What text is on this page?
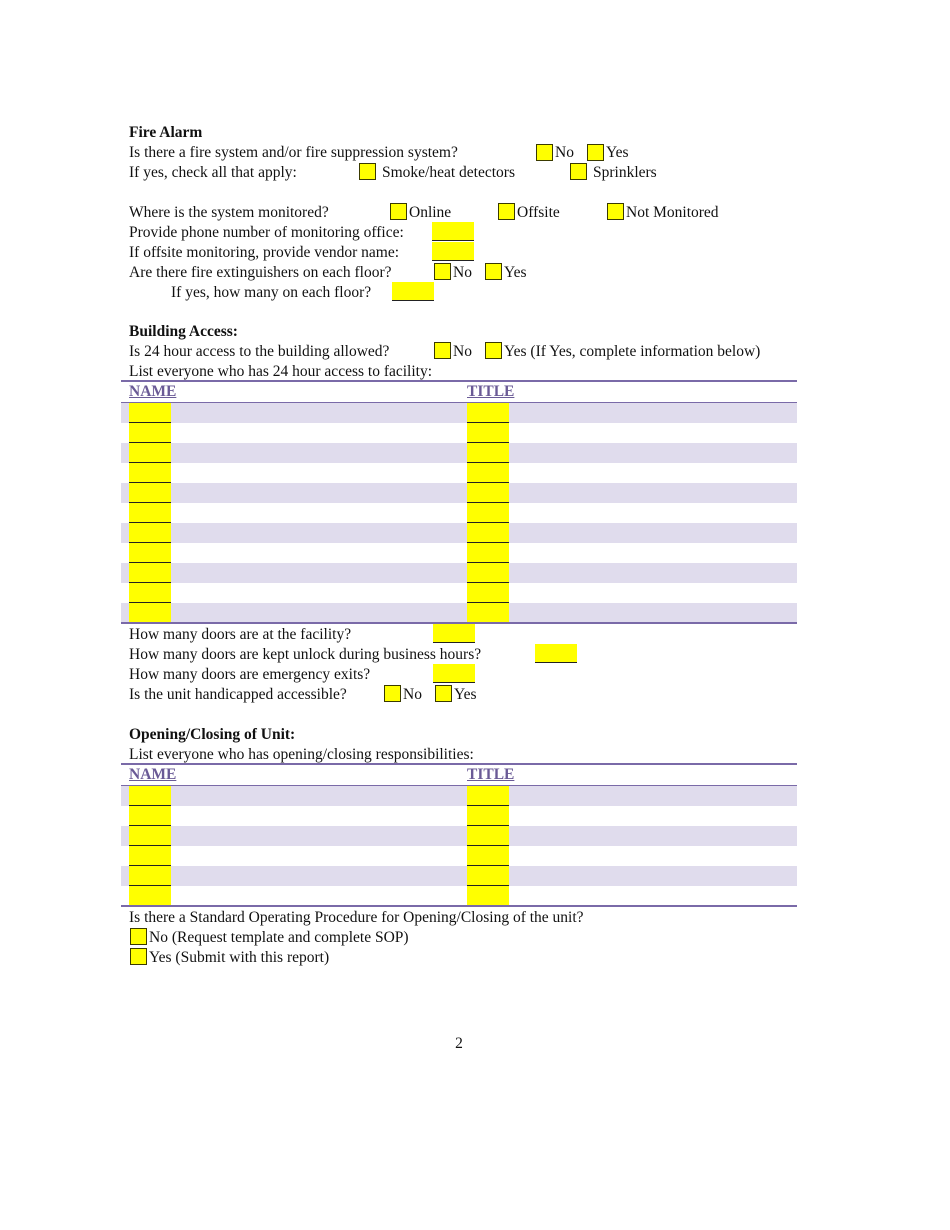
Fire Alarm
Is there a fire system and/or fire suppression system?	No Yes
If yes, check all that apply:	Smoke/heat detectors	Sprinklers
Where is the system monitored?	Online	Offsite	Not Monitored
Provide phone number of monitoring office:
If offsite monitoring, provide vendor name:
Are there fire extinguishers on each floor?	No Yes
If yes, how many on each floor?
Building Access:
Is 24 hour access to the building allowed?	No Yes (If Yes, complete information below)
List everyone who has 24 hour access to facility:
NAME	TITLE
How many doors are at the facility?
How many doors are kept unlock during business hours?
How many doors are emergency exits?
Is the unit handicapped accessible?	No Yes
Opening/Closing of Unit:
List everyone who has opening/closing responsibilities:
NAME	TITLE
Is there a Standard Operating Procedure for Opening/Closing of the unit?
No (Request template and complete SOP)
Yes (Submit with this report)
2
